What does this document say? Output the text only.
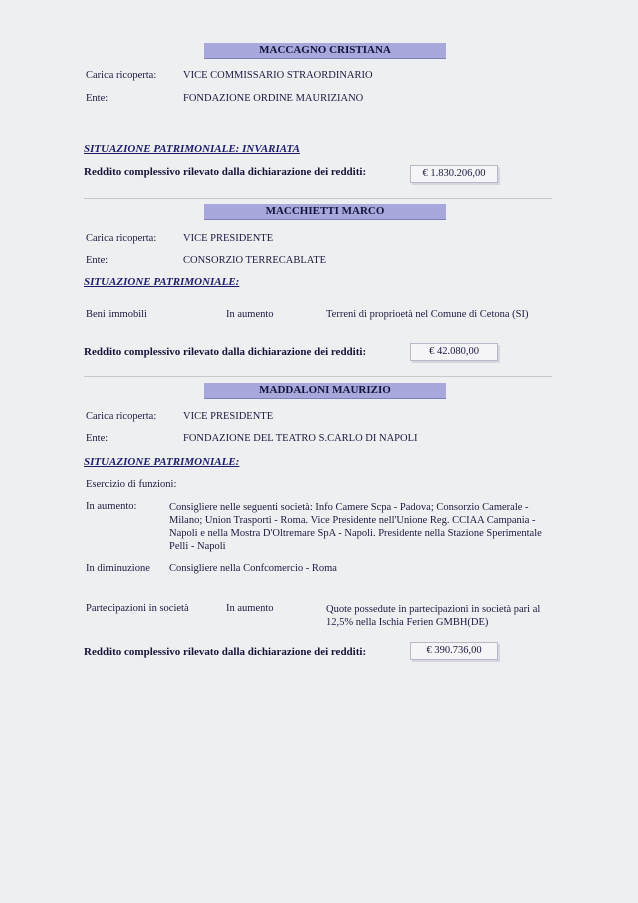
MACCAGNO CRISTIANA
Carica ricoperta:	VICE COMMISSARIO STRAORDINARIO
Ente:	FONDAZIONE ORDINE MAURIZIANO
SITUAZIONE PATRIMONIALE: INVARIATA
Reddito complessivo rilevato dalla dichiarazione dei redditi:	€ 1.830.206,00
MACCHIETTI MARCO
Carica ricoperta:	VICE PRESIDENTE
Ente:	CONSORZIO TERRECABLATE
SITUAZIONE PATRIMONIALE:
Beni immobili	In aumento	Terreni di proprioetà nel Comune di Cetona (SI)
Reddito complessivo rilevato dalla dichiarazione dei redditi:	€ 42.080,00
MADDALONI MAURIZIO
Carica ricoperta:	VICE PRESIDENTE
Ente:	FONDAZIONE DEL TEATRO S.CARLO DI NAPOLI
SITUAZIONE PATRIMONIALE:
Esercizio di funzioni:
In aumento:	Consigliere nelle seguenti società: Info Camere Scpa - Padova; Consorzio Camerale - Milano; Union Trasporti - Roma. Vice Presidente nell'Unione Reg. CCIAA Campania - Napoli e nella Mostra D'Oltremare SpA - Napoli. Presidente nella Stazione Sperimentale Pelli - Napoli
In diminuzione Consigliere nella Confcomercio - Roma
Partecipazioni in società	In aumento	Quote possedute in partecipazioni in società pari al 12,5% nella Ischia Ferien GMBH(DE)
Reddito complessivo rilevato dalla dichiarazione dei redditi:	€ 390.736,00
